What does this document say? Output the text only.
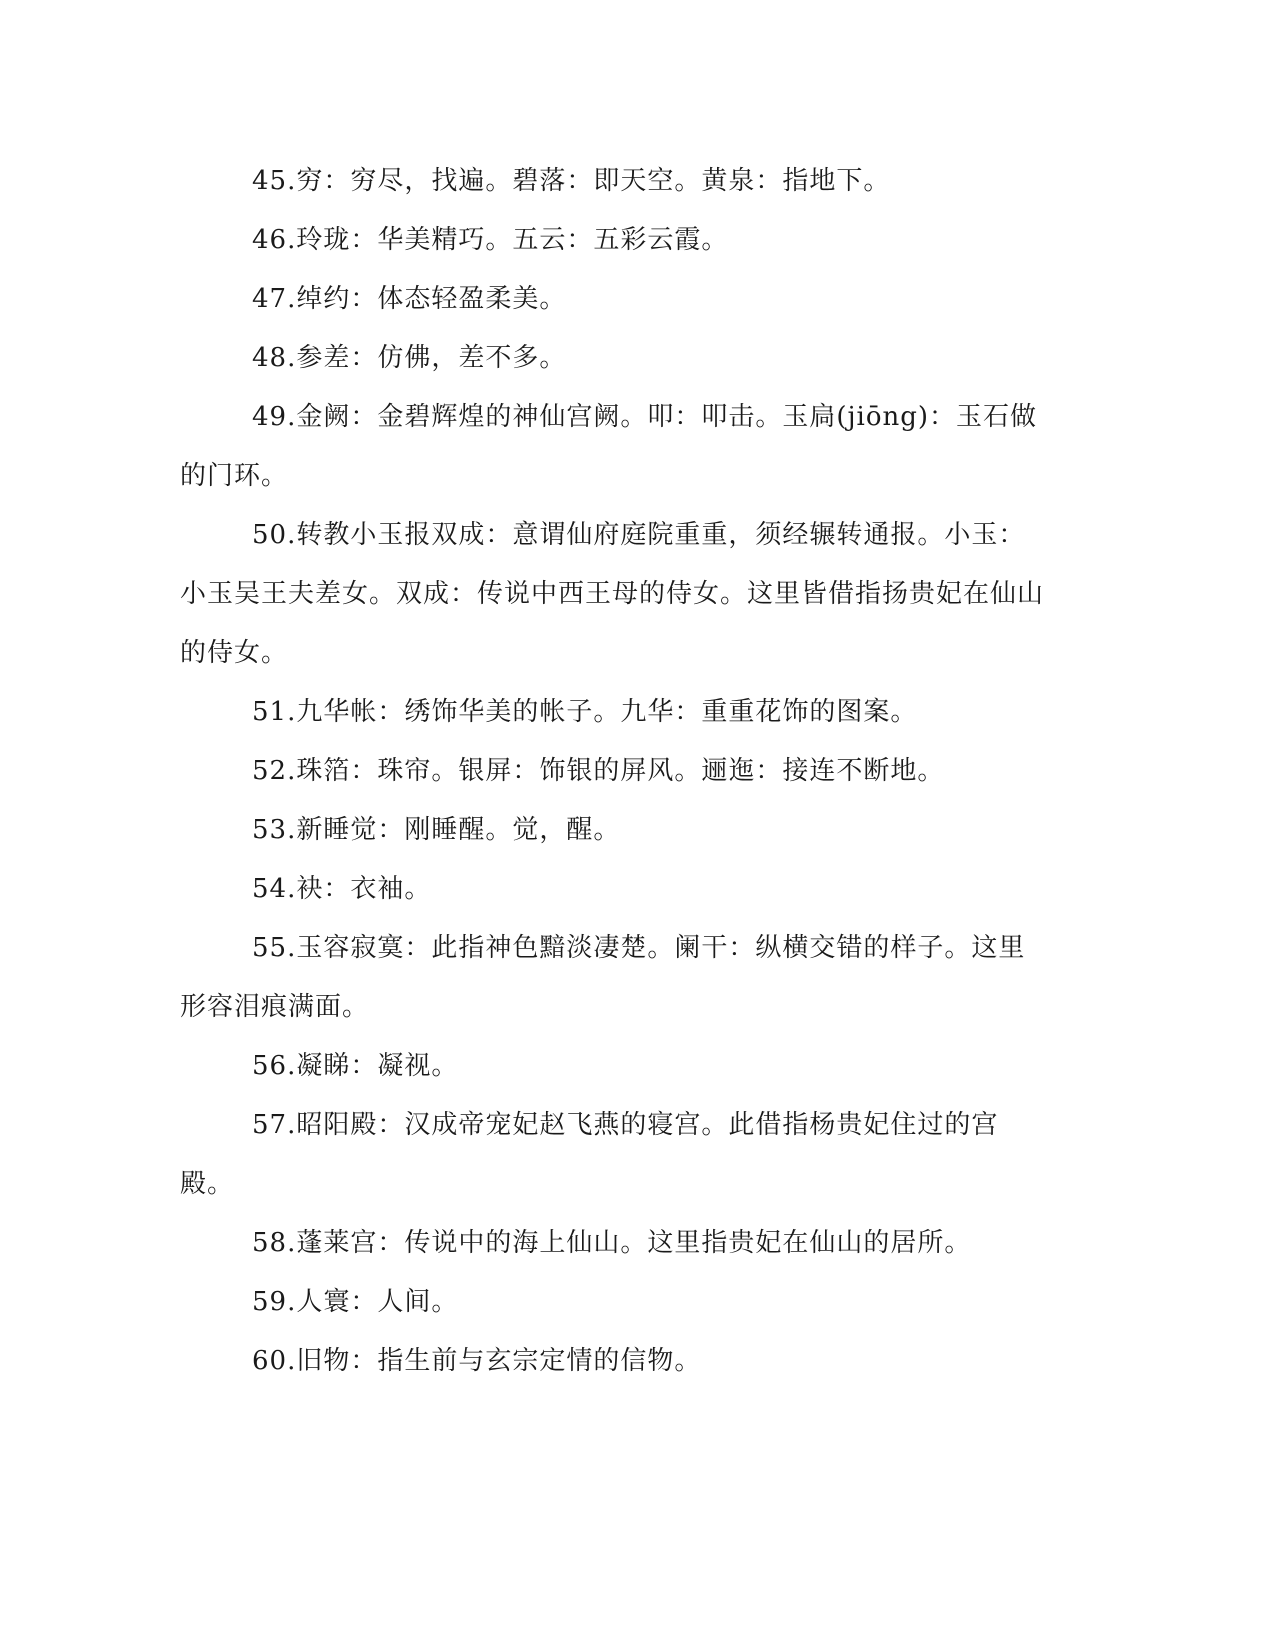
45.穷：穷尽，找遍。碧落：即天空。黄泉：指地下。

46.玲珑：华美精巧。五云：五彩云霞。

47.绰约：体态轻盈柔美。

48.参差：仿佛，差不多。

49.金阙：金碧辉煌的神仙宫阙。叩：叩击。玉扃(jiōng)：玉石做的门环。

50.转教小玉报双成：意谓仙府庭院重重，须经辗转通报。小玉：小玉吴王夫差女。双成：传说中西王母的侍女。这里皆借指扬贵妃在仙山的侍女。

51.九华帐：绣饰华美的帐子。九华：重重花饰的图案。

52.珠箔：珠帘。银屏：饰银的屏风。逦迤：接连不断地。

53.新睡觉：刚睡醒。觉，醒。

54.袂：衣袖。

55.玉容寂寞：此指神色黯淡凄楚。阑干：纵横交错的样子。这里形容泪痕满面。

56.凝睇：凝视。

57.昭阳殿：汉成帝宠妃赵飞燕的寝宫。此借指杨贵妃住过的宫殿。

58.蓬莱宫：传说中的海上仙山。这里指贵妃在仙山的居所。

59.人寰：人间。

60.旧物：指生前与玄宗定情的信物。
